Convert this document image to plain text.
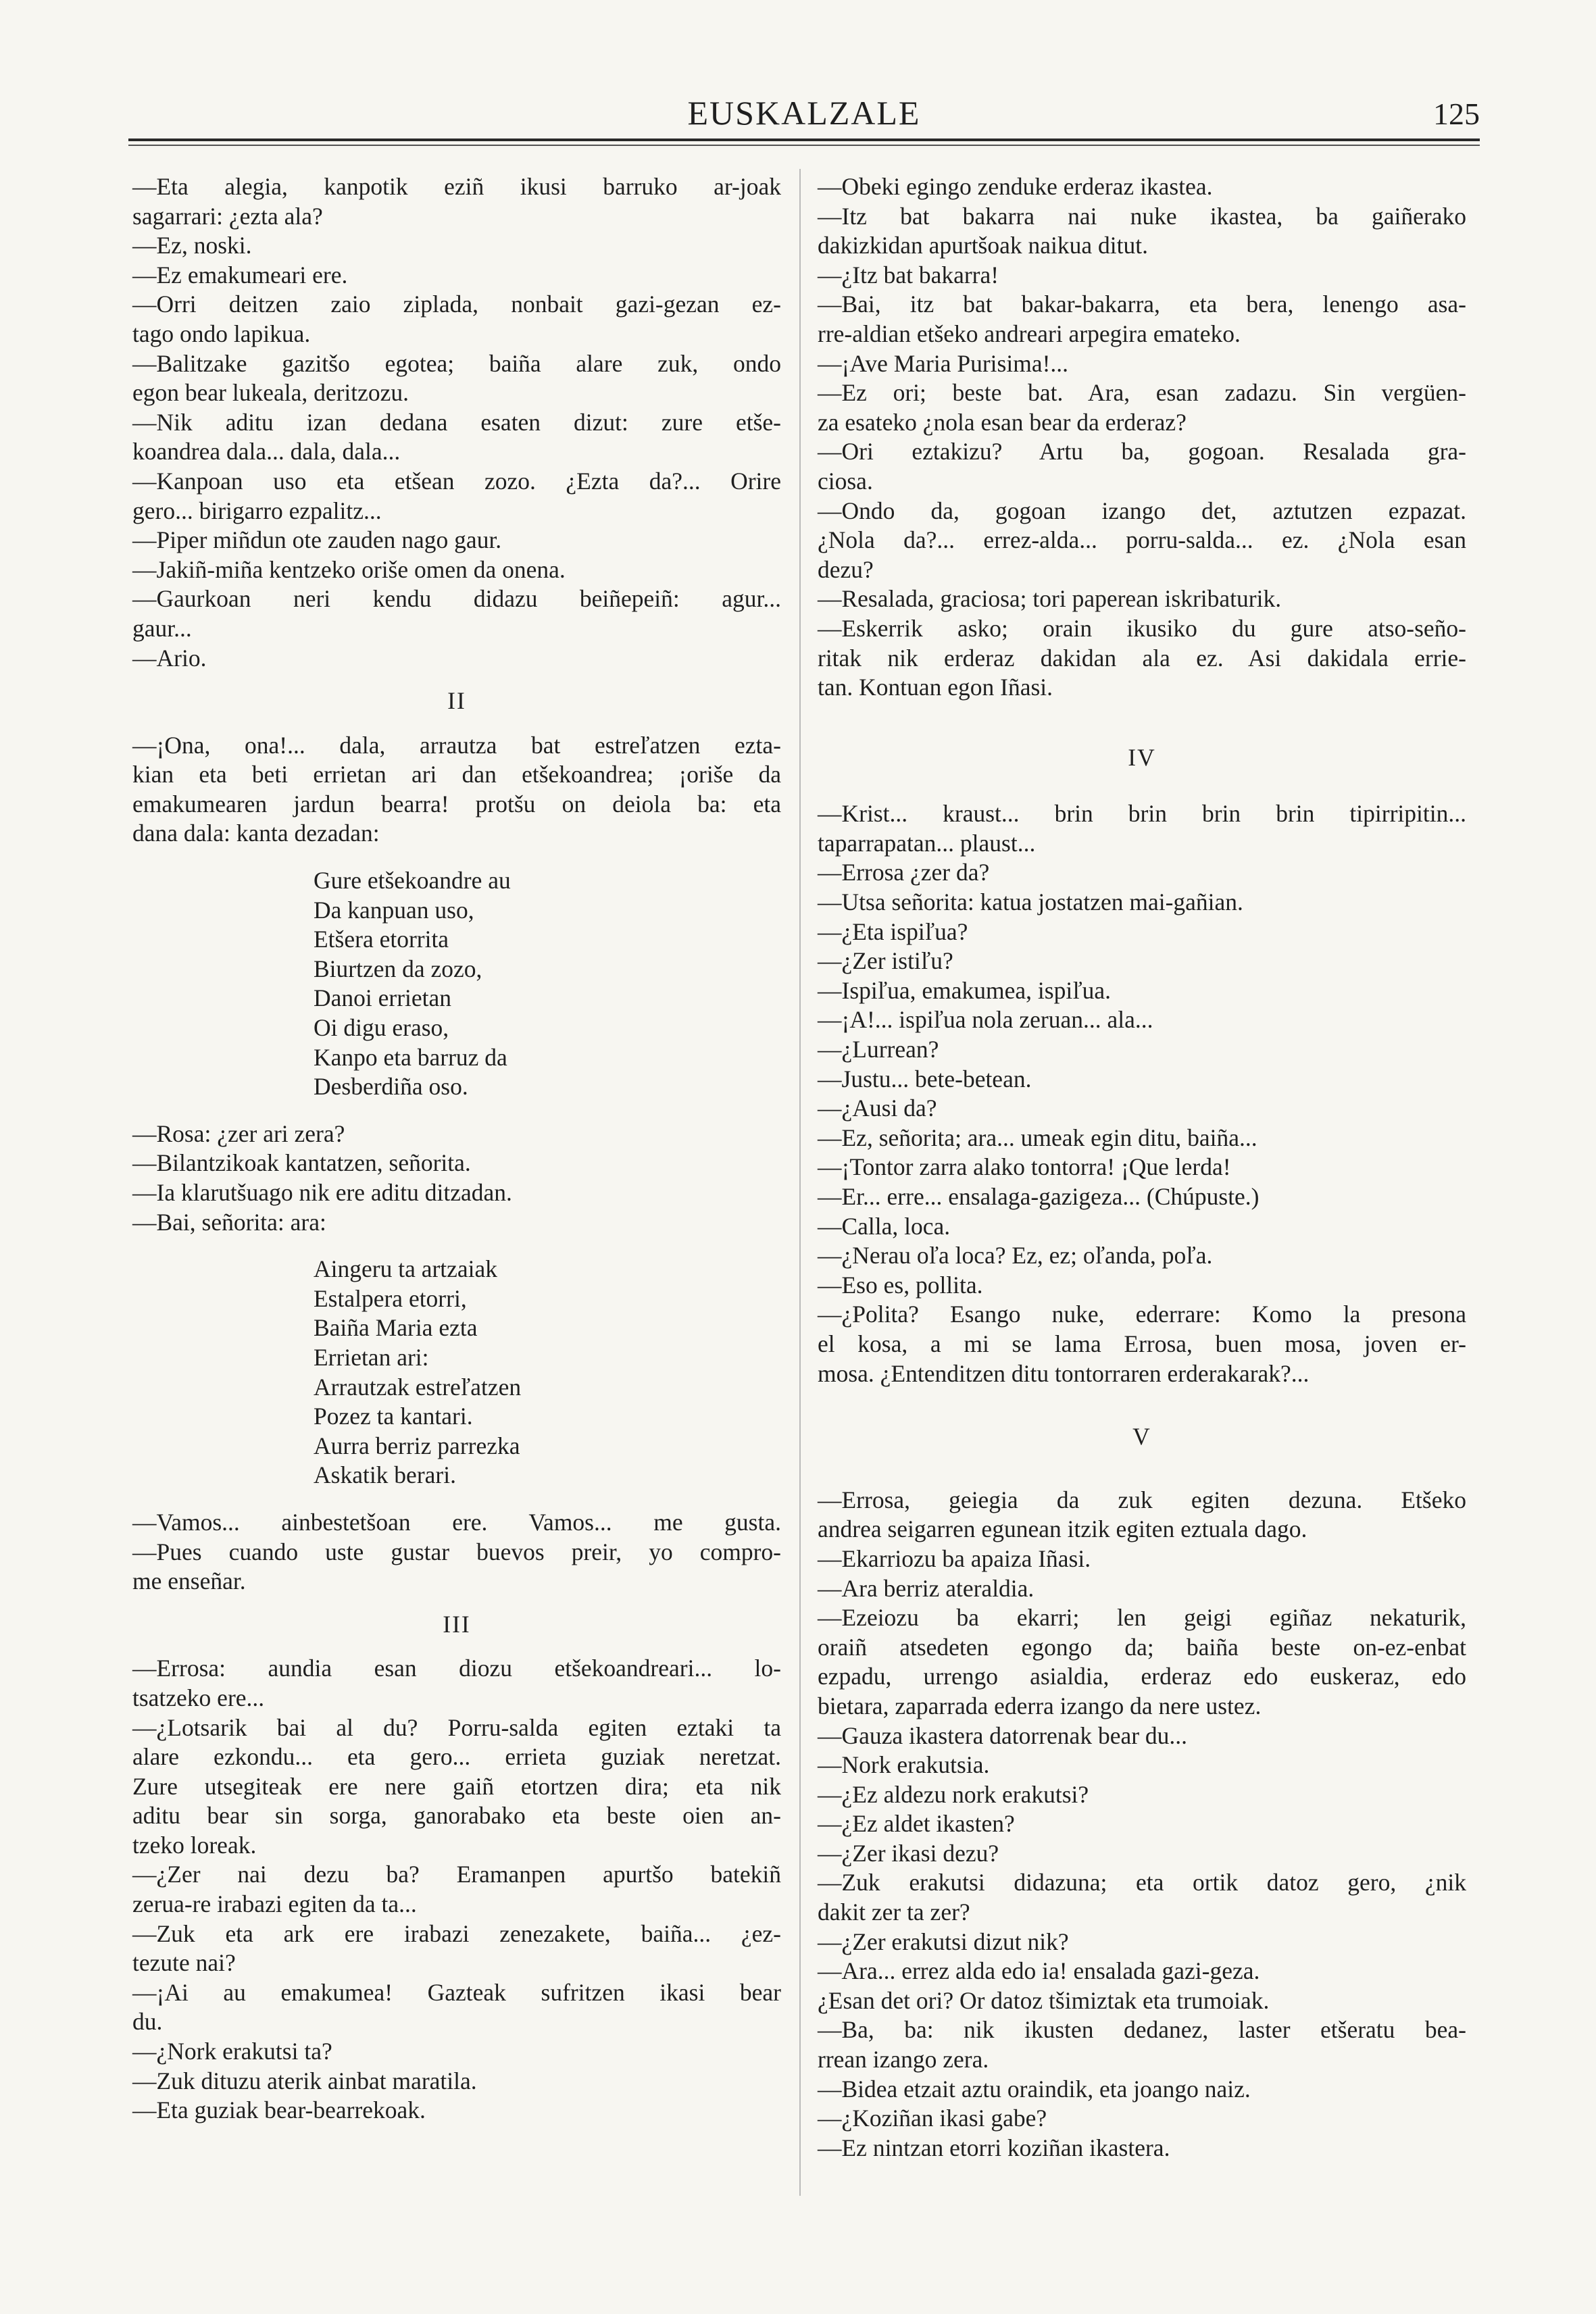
EUSKALZALE	125
—Eta alegia, kanpotik eziñ ikusi barruko ar-joak
sagarrari: ¿ezta ala?
—Ez, noski.
—Ez emakumeari ere.
—Orri deitzen zaio ziplada, nonbait gazi-gezan ez-
tago ondo lapikua.
—Balitzake gazitšo egotea; baiña alare zuk, ondo
egon bear lukeala, deritzozu.
—Nik aditu izan dedana esaten dizut: zure etše-
koandrea dala... dala, dala...
—Kanpoan uso eta etšean zozo. ¿Ezta da?... Orire
gero... birigarro ezpalitz...
—Piper miñdun ote zauden nago gaur.
—Jakiñ-miña kentzeko oriše omen da onena.
—Gaurkoan neri kendu didazu beiñepeiñ: agur...
gaur...
—Ario.
II
—¡Ona, ona!... dala, arrautza bat estreľatzen ezta-
kian eta beti errietan ari dan etšekoandrea; ¡oriše da
emakumearen jardun bearra! protšu on deiola ba: eta
dana dala: kanta dezadan:
Gure etšekoandre au
Da kanpuan uso,
Etšera etorrita
Biurtzen da zozo,
Danoi errietan
Oi digu eraso,
Kanpo eta barruz da
Desberdiña oso.
—Rosa: ¿zer ari zera?
—Bilantzikoak kantatzen, señorita.
—Ia klarutšuago nik ere aditu ditzadan.
—Bai, señorita: ara:
Aingeru ta artzaiak
Estalpera etorri,
Baiña Maria ezta
Errietan ari:
Arrautzak estreľatzen
Pozez ta kantari.
Aurra berriz parrezka
Askatik berari.
—Vamos... ainbestetšoan ere. Vamos... me gusta.
—Pues cuando uste gustar buevos preir, yo compro-
me enseñar.
III
—Errosa: aundia esan diozu etšekoandreari... lo-
tsatzeko ere...
—¿Lotsarik bai al du? Porru-salda egiten eztaki ta
alare ezkondu... eta gero... errieta guziak neretzat.
Zure utsegiteak ere nere gaiñ etortzen dira; eta nik
aditu bear sin sorga, ganorabako eta beste oien an-
tzeko loreak.
—¿Zer nai dezu ba? Eramanpen apurtšo batekiñ
zerua-re irabazi egiten da ta...
—Zuk eta ark ere irabazi zenezakete, baiña... ¿ez-
tezute nai?
—¡Ai au emakumea! Gazteak sufritzen ikasi bear
du.
—¿Nork erakutsi ta?
—Zuk dituzu aterik ainbat maratila.
—Eta guziak bear-bearrekoak.
—Obeki egingo zenduke erderaz ikastea.
—Itz bat bakarra nai nuke ikastea, ba gaiñerako
dakizkidan apurtšoak naikua ditut.
—¿Itz bat bakarra!
—Bai, itz bat bakar-bakarra, eta bera, lenengo asa-
rre-aldian etšeko andreari arpegira emateko.
—¡Ave Maria Purisima!...
—Ez ori; beste bat. Ara, esan zadazu. Sin vergüen-
za esateko ¿nola esan bear da erderaz?
—Ori eztakizu? Artu ba, gogoan. Resalada gra-
ciosa.
—Ondo da, gogoan izango det, aztutzen ezpazat.
¿Nola da?... errez-alda... porru-salda... ez. ¿Nola esan
dezu?
—Resalada, graciosa; tori paperean iskribaturik.
—Eskerrik asko; orain ikusiko du gure atso-seño-
ritak nik erderaz dakidan ala ez. Asi dakidala errie-
tan. Kontuan egon Iñasi.
IV
—Krist... kraust... brin brin brin brin tipirripitin...
taparrapatan... plaust...
—Errosa ¿zer da?
—Utsa señorita: katua jostatzen mai-gañian.
—¿Eta ispiľua?
—¿Zer istiľu?
—Ispiľua, emakumea, ispiľua.
—¡A!... ispiľua nola zeruan... ala...
—¿Lurrean?
—Justu... bete-betean.
—¿Ausi da?
—Ez, señorita; ara... umeak egin ditu, baiña...
—¡Tontor zarra alako tontorra! ¡Que lerda!
—Er... erre... ensalaga-gazigeza... (Chúpuste.)
—Calla, loca.
—¿Nerau oľa loca? Ez, ez; oľanda, poľa.
—Eso es, pollita.
—¿Polita? Esango nuke, ederrare: Komo la presona
el kosa, a mi se lama Errosa, buen mosa, joven er-
mosa. ¿Entenditzen ditu tontorraren erderakarak?...
V
—Errosa, geiegia da zuk egiten dezuna. Etšeko
andrea seigarren egunean itzik egiten eztuala dago.
—Ekarriozu ba apaiza Iñasi.
—Ara berriz ateraldia.
—Ezeiozu ba ekarri; len geigi egiñaz nekaturik,
oraiñ atsedeten egongo da; baiña beste on-ez-enbat
ezpadu, urrengo asialdia, erderaz edo euskeraz, edo
bietara, zaparrada ederra izango da nere ustez.
—Gauza ikastera datorrenak bear du...
—Nork erakutsia.
—¿Ez aldezu nork erakutsi?
—¿Ez aldet ikasten?
—¿Zer ikasi dezu?
—Zuk erakutsi didazuna; eta ortik datoz gero, ¿nik
dakit zer ta zer?
—¿Zer erakutsi dizut nik?
—Ara... errez alda edo ia! ensalada gazi-geza.
¿Esan det ori? Or datoz tšimiztak eta trumoiak.
—Ba, ba: nik ikusten dedanez, laster etšeratu bea-
rrean izango zera.
—Bidea etzait aztu oraindik, eta joango naiz.
—¿Koziñan ikasi gabe?
—Ez nintzan etorri koziñan ikastera.
